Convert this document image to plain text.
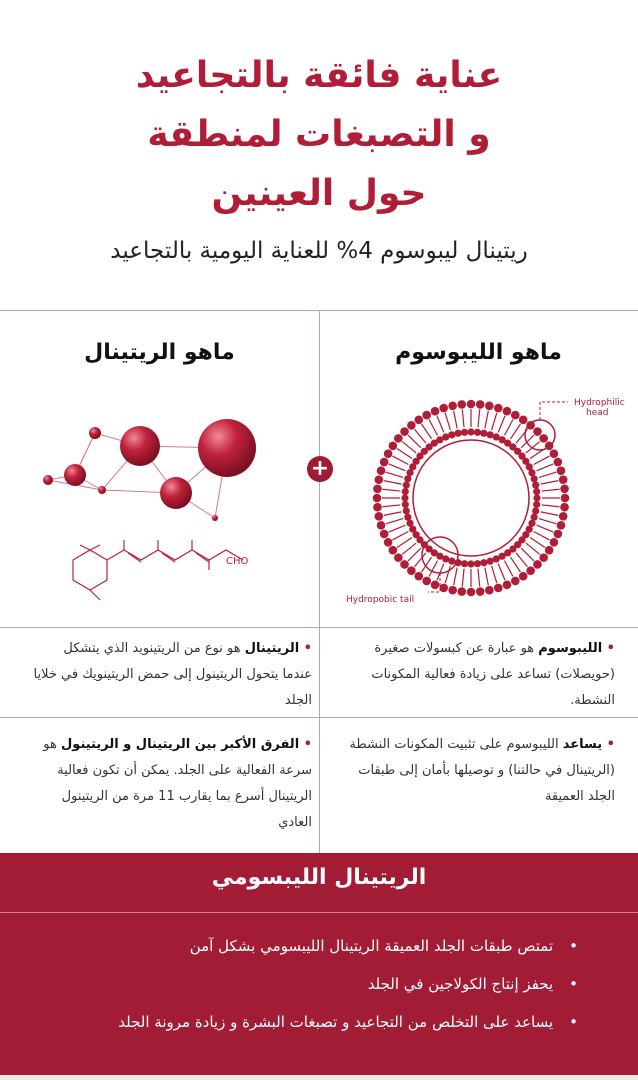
عناية فائقة بالتجاعيد
و التصبغات لمنطقة
حول العينين
ريتينال ليبوسوم 4% للعناية اليومية بالتجاعيد
ماهو الليبوسوم
ماهو الريتينال
CHO
+
Hydrophilic
head
Hydropobic tail
• الليبوسوم هو عبارة عن كبسولات صغيرة (حويصلات) تساعد على زيادة فعالية المكونات النشطة.
• يساعد الليبوسوم على تثبيت المكونات النشطة (الريتينال في حالتنا) و توصيلها بأمان إلى طبقات الجلد العميقة
• الريتينال هو نوع من الريتينويد الذي يتشكل عندما يتحول الريتينول إلى حمض الريتينويك في خلايا الجلد
• الفرق الأكبر بين الريتينال و الريتينول هو سرعة الفعالية على الجلد. يمكن أن تكون فعالية الريتينال أسرع بما يقارب 11 مرة من الريتينول العادي
الريتينال الليبسومي
• تمتص طبقات الجلد العميقة الريتينال الليبسومي بشكل آمن
• يحفز إنتاج الكولاجين في الجلد
• يساعد على التخلص من التجاعيد و تصبغات البشرة و زيادة مرونة الجلد
